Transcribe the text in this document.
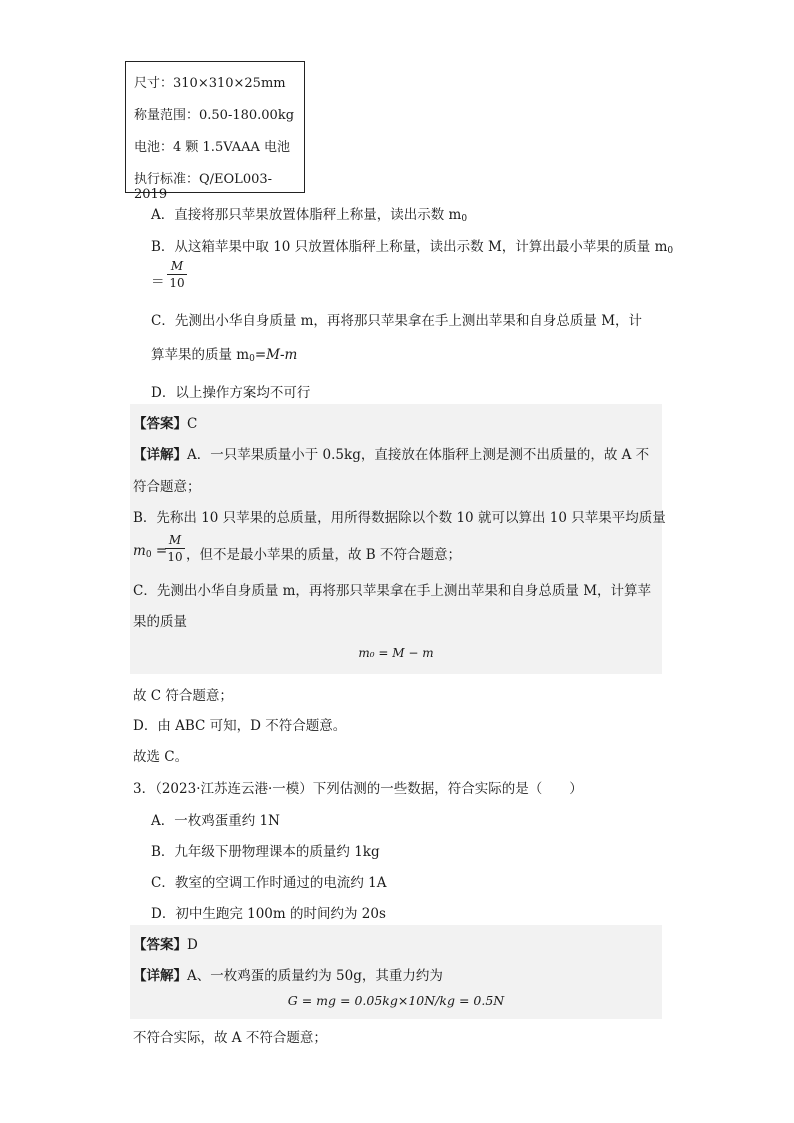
尺寸：310×310×25mm
称量范围：0.50-180.00kg
电池：4 颗 1.5VAAA 电池
执行标准：Q/EOL003-2019
A．直接将那只苹果放置体脂秤上称量，读出示数 $m_0$
B．从这箱苹果中取 10 只放置体脂秤上称量，读出示数 M，计算出最小苹果的质量 $m_0$
＝
M
10
C．先测出小华自身质量 m，再将那只苹果拿在手上测出苹果和自身总质量 M，计
算苹果的质量 $m_0=M-m$
D．以上操作方案均不可行
【答案】C
【详解】A．一只苹果质量小于 0.5kg，直接放在体脂秤上测是测不出质量的，故 A 不
符合题意；
B．先称出 10 只苹果的总质量，用所得数据除以个数 10 就可以算出 10 只苹果平均质量
$m_0$ =
M
10 ，但不是最小苹果的质量，故 B 不符合题意；
C．先测出小华自身质量 m，再将那只苹果拿在手上测出苹果和自身总质量 M，计算苹
果的质量
m₀ = M − m
故 C 符合题意；
D．由 ABC 可知，D 不符合题意。
故选 C。
3．（2023·江苏连云港·一模）下列估测的一些数据，符合实际的是（　　）
A．一枚鸡蛋重约 1N
B．九年级下册物理课本的质量约 1kg
C．教室的空调工作时通过的电流约 1A
D．初中生跑完 100m 的时间约为 20s
【答案】D
【详解】A、一枚鸡蛋的质量约为 50g，其重力约为
G = mg = 0.05kg×10N/kg = 0.5N
不符合实际，故 A 不符合题意；
